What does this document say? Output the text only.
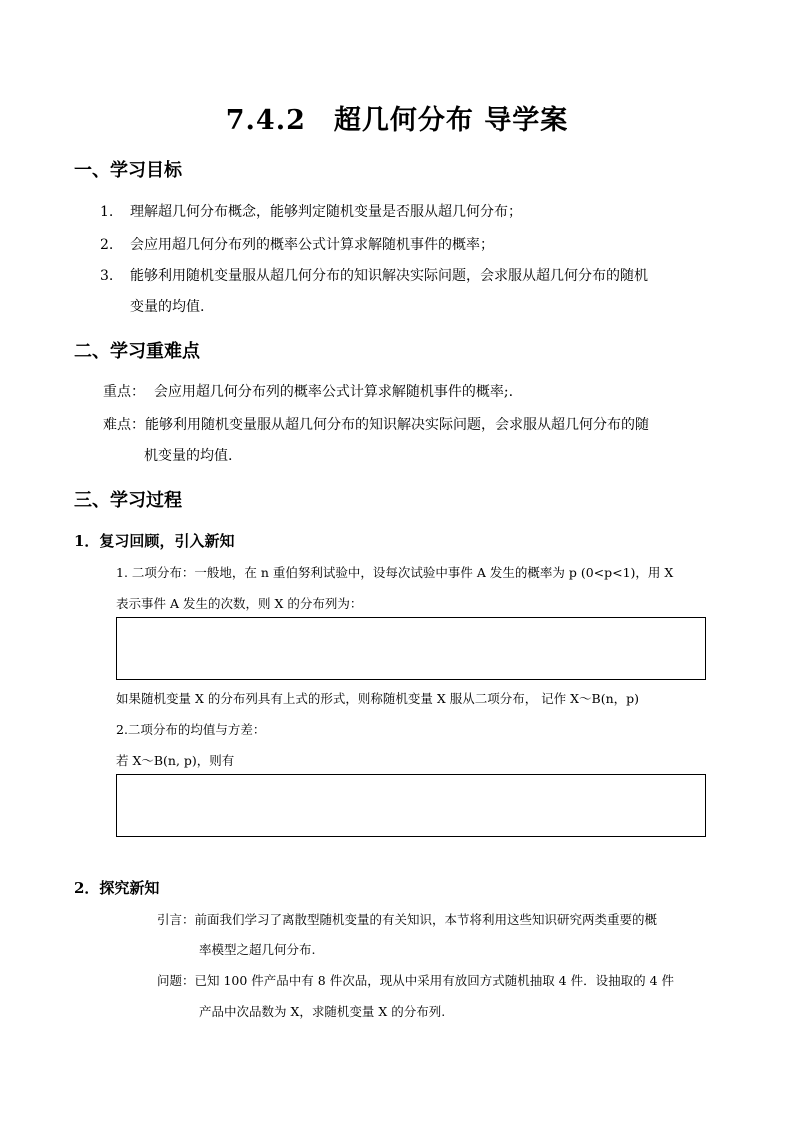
7.4.2　超几何分布 导学案
一、学习目标
1. 理解超几何分布概念，能够判定随机变量是否服从超几何分布；
2. 会应用超几何分布列的概率公式计算求解随机事件的概率；
3. 能够利用随机变量服从超几何分布的知识解决实际问题，会求服从超几何分布的随机
变量的均值.
二、学习重难点
重点： 会应用超几何分布列的概率公式计算求解随机事件的概率;.
难点：能够利用随机变量服从超几何分布的知识解决实际问题，会求服从超几何分布的随
机变量的均值.
三、学习过程
1．复习回顾，引入新知
1. 二项分布：一般地，在 n 重伯努利试验中，设每次试验中事件 A 发生的概率为 p (0<p<1)，用 X
表示事件 A 发生的次数，则 X 的分布列为：
如果随机变量 X 的分布列具有上式的形式，则称随机变量 X 服从二项分布， 记作 X～B(n，p)
2.二项分布的均值与方差：
若 X～B(n, p)，则有
2．探究新知
引言：前面我们学习了离散型随机变量的有关知识，本节将利用这些知识研究两类重要的概
率模型之超几何分布.
问题：已知 100 件产品中有 8 件次品，现从中采用有放回方式随机抽取 4 件．设抽取的 4 件
产品中次品数为 X，求随机变量 X 的分布列.
